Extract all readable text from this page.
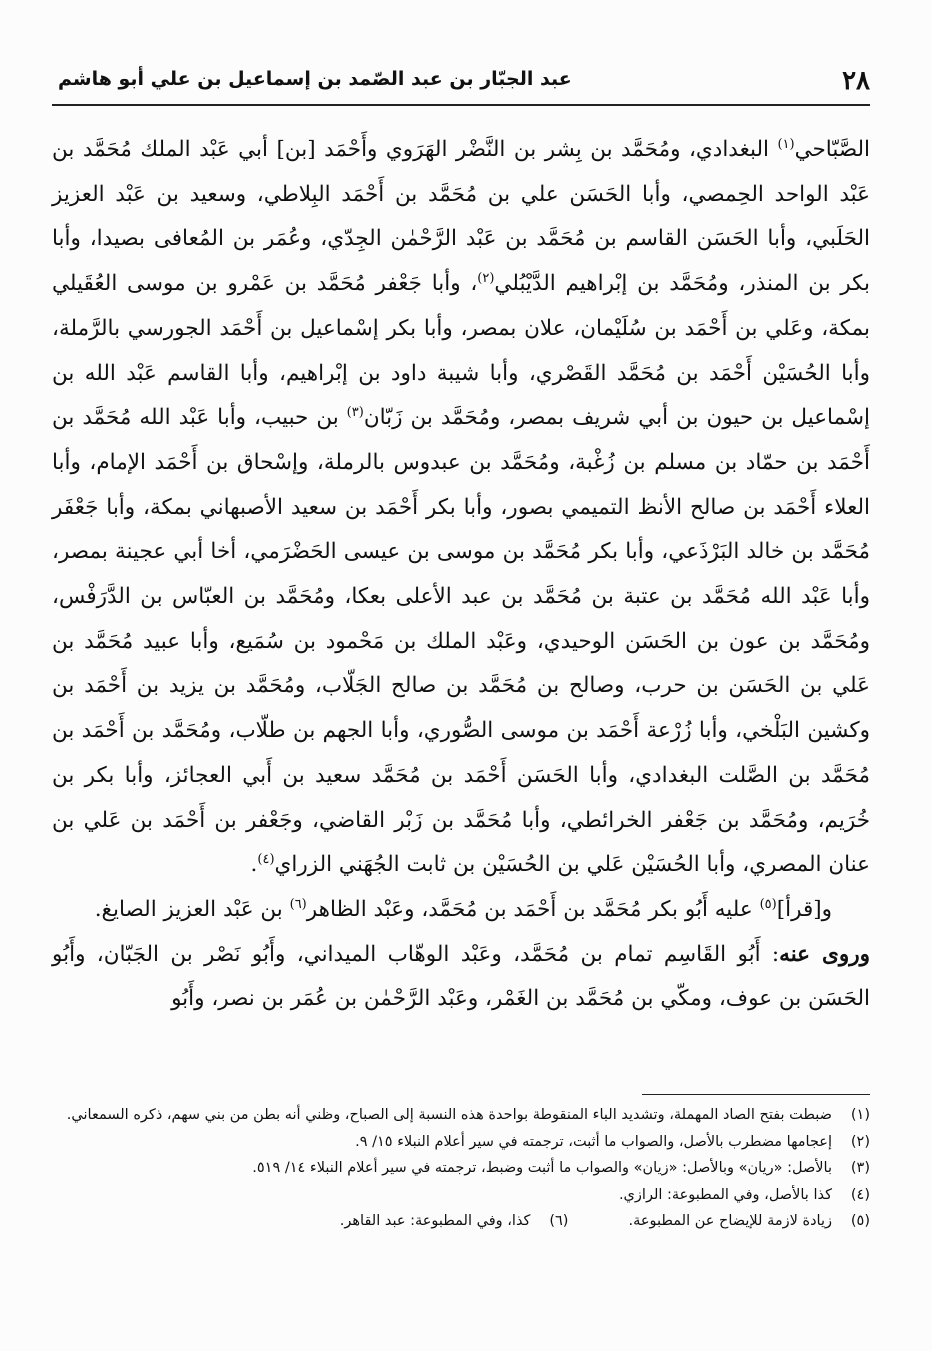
٢٨
عبد الجبّار بن عبد الصّمد بن إسماعيل بن علي أبو هاشم

الصَّبّاحي$^{(١)}$ البغدادي، ومُحَمَّد بن بِشر بن النَّضْر الهَرَوي وأَحْمَد [بن] أبي عَبْد الملك مُحَمَّد بن عَبْد الواحد الحِمصي، وأبا الحَسَن علي بن مُحَمَّد بن أَحْمَد البِلاطي، وسعيد بن عَبْد العزيز الحَلَبي، وأبا الحَسَن القاسم بن مُحَمَّد بن عَبْد الرَّحْمٰن الجِدّي، وعُمَر بن المُعافى بصيدا، وأبا بكر بن المنذر، ومُحَمَّد بن إبْراهيم الدَّيْبُلي$^{(٢)}$، وأبا جَعْفر مُحَمَّد بن عَمْرو بن موسى العُقَيلي بمكة، وعَلي بن أَحْمَد بن سُلَيْمان، علان بمصر، وأبا بكر إسْماعيل بن أَحْمَد الجورسي بالرَّملة، وأبا الحُسَيْن أَحْمَد بن مُحَمَّد القَصْري، وأبا شيبة داود بن إبْراهيم، وأبا القاسم عَبْد الله بن إسْماعيل بن حيون بن أبي شريف بمصر، ومُحَمَّد بن زَبّان$^{(٣)}$ بن حبيب، وأبا عَبْد الله مُحَمَّد بن أَحْمَد بن حمّاد بن مسلم بن زُغْبة، ومُحَمَّد بن عبدوس بالرملة، وإسْحاق بن أَحْمَد الإمام، وأبا العلاء أَحْمَد بن صالح الأنظ التميمي بصور، وأبا بكر أَحْمَد بن سعيد الأصبهاني بمكة، وأبا جَعْفَر مُحَمَّد بن خالد البَرْذَعي، وأبا بكر مُحَمَّد بن موسى بن عيسى الحَضْرَمي، أخا أبي عجينة بمصر، وأبا عَبْد الله مُحَمَّد بن عتبة بن مُحَمَّد بن عبد الأعلى بعكا، ومُحَمَّد بن العبّاس بن الدَّرَفْس، ومُحَمَّد بن عون بن الحَسَن الوحيدي، وعَبْد الملك بن مَحْمود بن سُمَيع، وأبا عبيد مُحَمَّد بن عَلي بن الحَسَن بن حرب، وصالح بن مُحَمَّد بن صالح الجَلّاب، ومُحَمَّد بن يزيد بن أَحْمَد بن وكشين البَلْخي، وأبا زُرْعة أَحْمَد بن موسى الصُّوري، وأبا الجهم بن طلّاب، ومُحَمَّد بن أَحْمَد بن مُحَمَّد بن الصَّلت البغدادي، وأبا الحَسَن أَحْمَد بن مُحَمَّد سعيد بن أَبي العجائز، وأبا بكر بن خُرَيم، ومُحَمَّد بن جَعْفر الخرائطي، وأبا مُحَمَّد بن زَبْر القاضي، وجَعْفر بن أَحْمَد بن عَلي بن عنان المصري، وأبا الحُسَيْن عَلي بن الحُسَيْن بن ثابت الجُهَني الزراي$^{(٤)}$.

و[قرأ]$^{(٥)}$ عليه أَبُو بكر مُحَمَّد بن أَحْمَد بن مُحَمَّد، وعَبْد الظاهر$^{(٦)}$ بن عَبْد العزيز الصايغ.

وروى عنه: أَبُو القَاسِم تمام بن مُحَمَّد، وعَبْد الوهّاب الميداني، وأَبُو نَصْر بن الجَبّان، وأَبُو الحَسَن بن عوف، ومكّي بن مُحَمَّد بن الغَمْر، وعَبْد الرَّحْمٰن بن عُمَر بن نصر، وأَبُو

(١)
ضبطت بفتح الصاد المهملة، وتشديد الباء المنقوطة بواحدة هذه النسبة إلى الصباح، وظني أنه بطن من بني سهم، ذكره السمعاني.
(٢)
إعجامها مضطرب بالأصل، والصواب ما أثبت، ترجمته في سير أعلام النبلاء ١٥/ ٩.
(٣)
بالأصل: «ريان» وبالأصل: «زيان» والصواب ما أثبت وضبط، ترجمته في سير أعلام النبلاء ١٤/ ٥١٩.
(٤)
كذا بالأصل، وفي المطبوعة: الرازي.
(٥)
زيادة لازمة للإيضاح عن المطبوعة.
(٦)
كذا، وفي المطبوعة: عبد القاهر.
